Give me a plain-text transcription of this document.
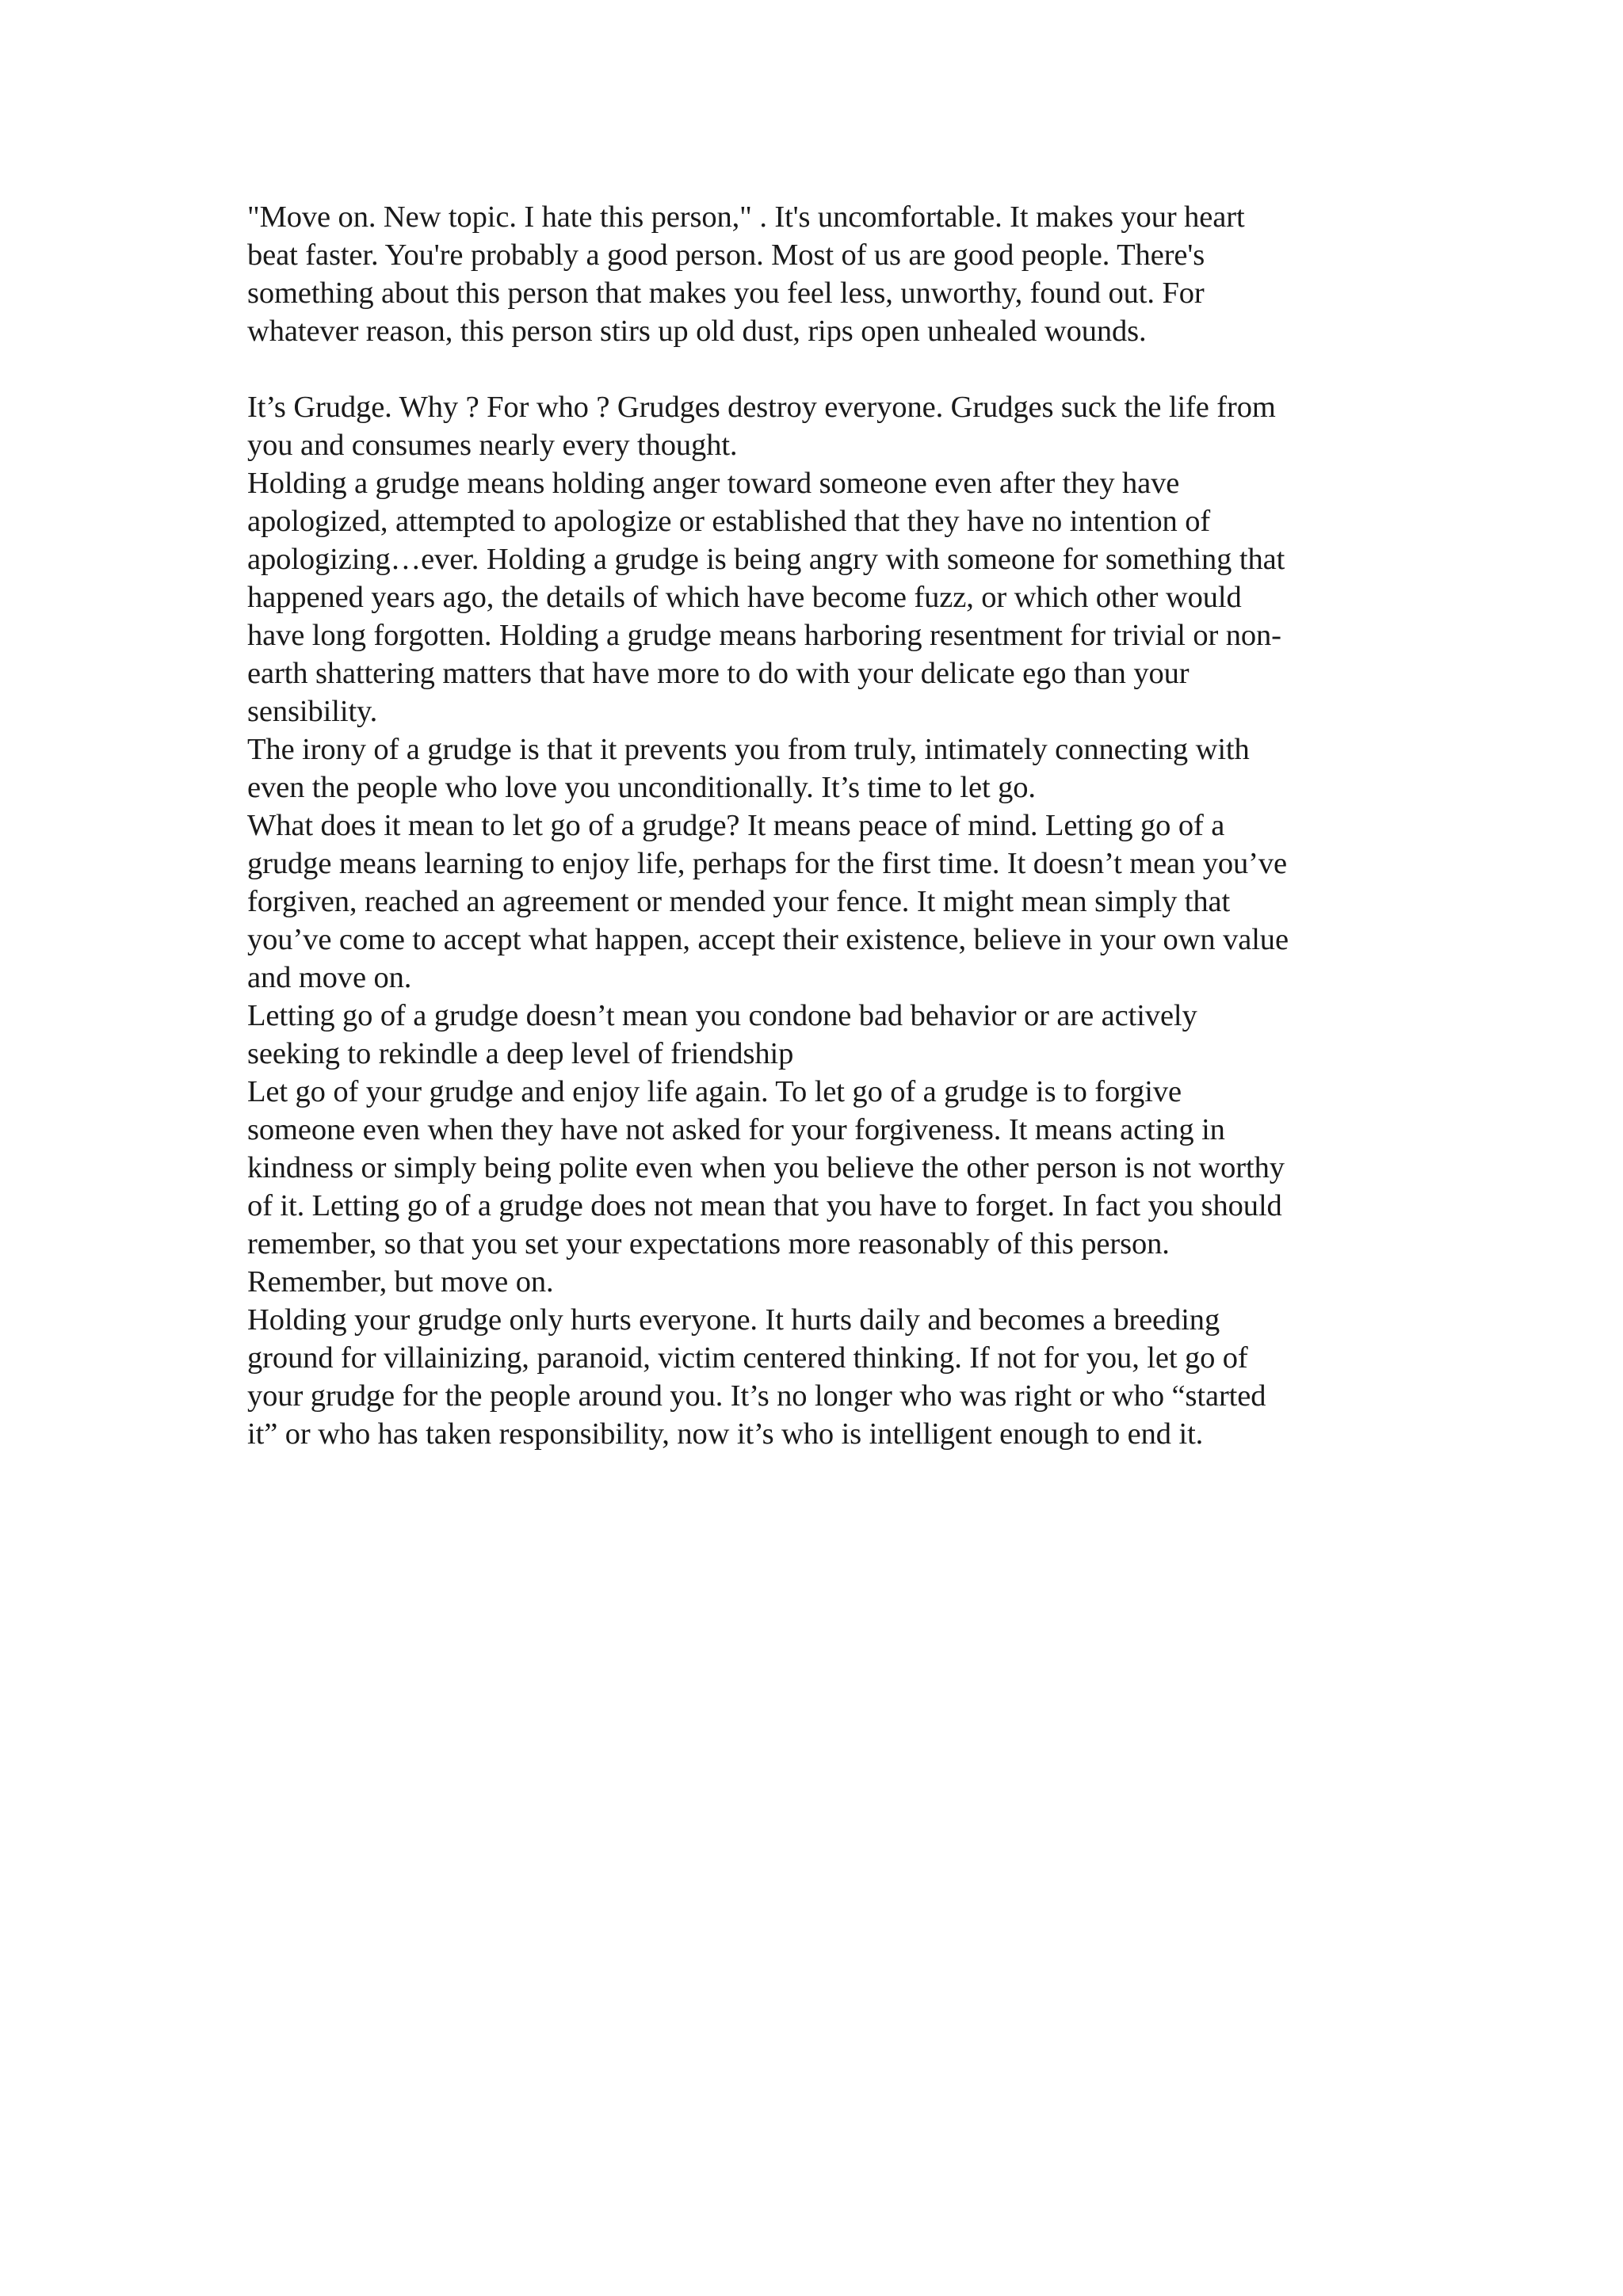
"Move on. New topic. I hate this person," . It's uncomfortable. It makes your heart
beat faster. You're probably a good person. Most of us are good people. There's
something about this person that makes you feel less, unworthy, found out. For
whatever reason, this person stirs up old dust, rips open unhealed wounds.
It’s Grudge. Why ? For who ? Grudges destroy everyone. Grudges suck the life from
you and consumes nearly every thought.
Holding a grudge means holding anger toward someone even after they have
apologized, attempted to apologize or established that they have no intention of
apologizing…ever. Holding a grudge is being angry with someone for something that
happened years ago, the details of which have become fuzz, or which other would
have long forgotten. Holding a grudge means harboring resentment for trivial or non-
earth shattering matters that have more to do with your delicate ego than your
sensibility.
The irony of a grudge is that it prevents you from truly, intimately connecting with
even the people who love you unconditionally. It’s time to let go.
What does it mean to let go of a grudge? It means peace of mind. Letting go of a
grudge means learning to enjoy life, perhaps for the first time. It doesn’t mean you’ve
forgiven, reached an agreement or mended your fence. It might mean simply that
you’ve come to accept what happen, accept their existence, believe in your own value
and move on.
Letting go of a grudge doesn’t mean you condone bad behavior or are actively
seeking to rekindle a deep level of friendship
Let go of your grudge and enjoy life again. To let go of a grudge is to forgive
someone even when they have not asked for your forgiveness. It means acting in
kindness or simply being polite even when you believe the other person is not worthy
of it. Letting go of a grudge does not mean that you have to forget. In fact you should
remember, so that you set your expectations more reasonably of this person.
Remember, but move on.
Holding your grudge only hurts everyone. It hurts daily and becomes a breeding
ground for villainizing, paranoid, victim centered thinking. If not for you, let go of
your grudge for the people around you. It’s no longer who was right or who “started
it” or who has taken responsibility, now it’s who is intelligent enough to end it.
